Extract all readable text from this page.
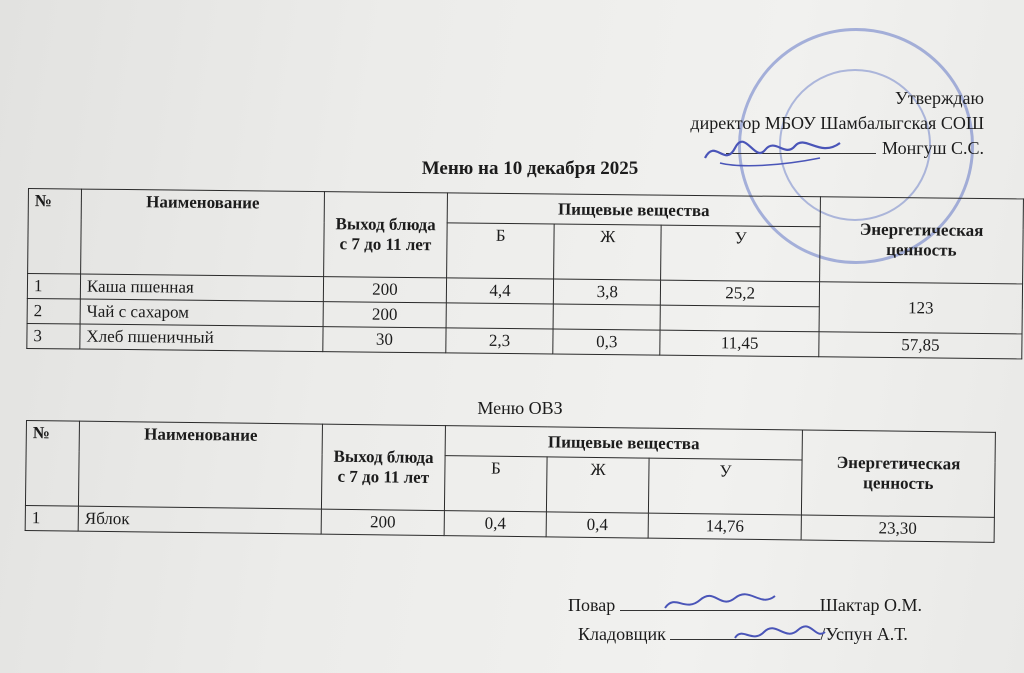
Утверждаю
директор МБОУ Шамбалыгская СОШ
Монгуш С.С.
Меню на 10 декабря 2025
№	Наименование	Выход блюда с 7 до 11 лет	Пищевые вещества			Энергетическая ценность
			Б	Ж	У	
1	Каша пшенная	200	4,4	3,8	25,2	123
2	Чай с сахаром	200				
3	Хлеб пшеничный	30	2,3	0,3	11,45	57,85
Меню ОВЗ
№	Наименование	Выход блюда с 7 до 11 лет	Пищевые вещества			Энергетическая ценность
			Б	Ж	У	
1	Яблок	200	0,4	0,4	14,76	23,30
Повар	Шактар О.М.
Кладовщик	/Успун А.Т.
